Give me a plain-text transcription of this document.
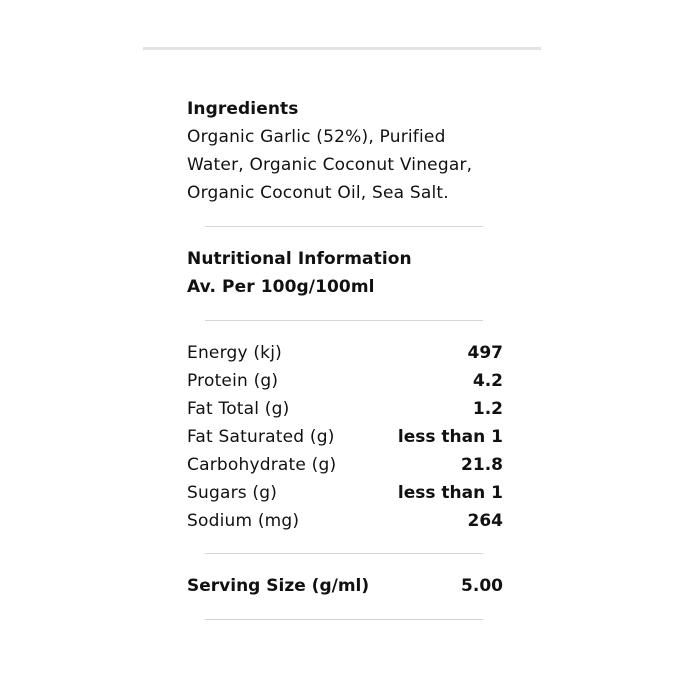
Ingredients
Organic Garlic (52%), Purified
Water, Organic Coconut Vinegar,
Organic Coconut Oil, Sea Salt.
Nutritional Information
Av. Per 100g/100ml
Energy (kj)	497
Protein (g)	4.2
Fat Total (g)	1.2
Fat Saturated (g)	less than 1
Carbohydrate (g)	21.8
Sugars (g)	less than 1
Sodium (mg)	264
Serving Size (g/ml)	5.00
